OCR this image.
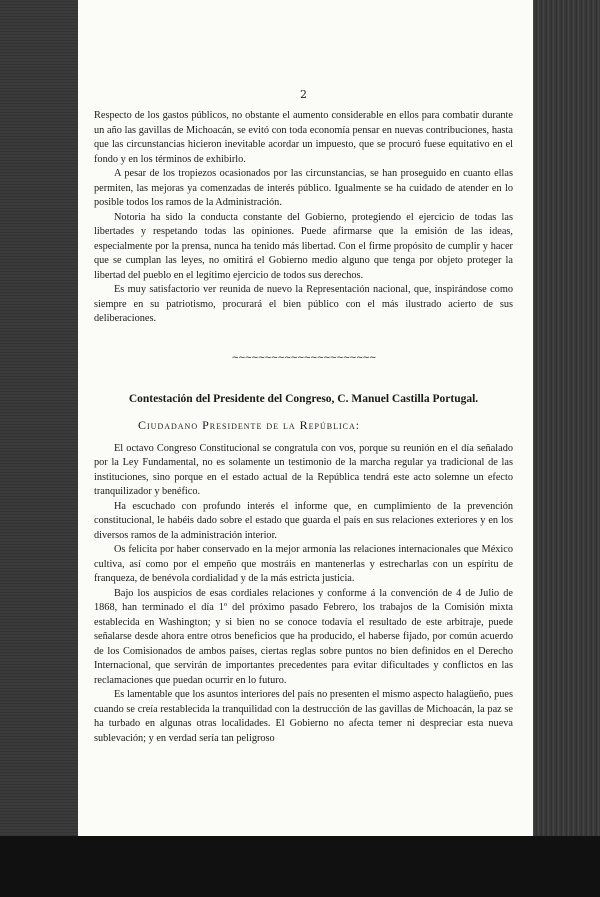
2

Respecto de los gastos públicos, no obstante el aumento considerable en ellos para combatir durante un año las gavillas de Michoacán, se evitó con toda economía pensar en nuevas contribuciones, hasta que las circunstancias hicieron inevitable acordar un impuesto, que se procuró fuese equitativo en el fondo y en los términos de exhibirlo.

A pesar de los tropiezos ocasionados por las circunstancias, se han proseguido en cuanto ellas permiten, las mejoras ya comenzadas de interés público. Igualmente se ha cuidado de atender en lo posible todos los ramos de la Administración.

Notoria ha sido la conducta constante del Gobierno, protegiendo el ejercicio de todas las libertades y respetando todas las opiniones. Puede afirmarse que la emisión de las ideas, especialmente por la prensa, nunca ha tenido más libertad. Con el firme propósito de cumplir y hacer que se cumplan las leyes, no omitirá el Gobierno medio alguno que tenga por objeto proteger la libertad del pueblo en el legítimo ejercicio de todos sus derechos.

Es muy satisfactorio ver reunida de nuevo la Representación nacional, que, inspirándose como siempre en su patriotismo, procurará el bien público con el más ilustrado acierto de sus deliberaciones.

~~~~~~~~~~~~~~~~~~~~~~
Contestación del Presidente del Congreso, C. Manuel Castilla Portugal.
Ciudadano Presidente de la República:

El octavo Congreso Constitucional se congratula con vos, porque su reunión en el día señalado por la Ley Fundamental, no es solamente un testimonio de la marcha regular ya tradicional de las instituciones, sino porque en el estado actual de la República tendrá este acto solemne un efecto tranquilizador y benéfico.

Ha escuchado con profundo interés el informe que, en cumplimiento de la prevención constitucional, le habéis dado sobre el estado que guarda el país en sus relaciones exteriores y en los diversos ramos de la administración interior.

Os felicita por haber conservado en la mejor armonía las relaciones internacionales que México cultiva, así como por el empeño que mostráis en mantenerlas y estrecharlas con un espíritu de franqueza, de benévola cordialidad y de la más estricta justicia.

Bajo los auspicios de esas cordiales relaciones y conforme á la convención de 4 de Julio de 1868, han terminado el día 1º del próximo pasado Febrero, los trabajos de la Comisión mixta establecida en Washington; y si bien no se conoce todavía el resultado de este arbitraje, puede señalarse desde ahora entre otros beneficios que ha producido, el haberse fijado, por común acuerdo de los Comisionados de ambos países, ciertas reglas sobre puntos no bien definidos en el Derecho Internacional, que servirán de importantes precedentes para evitar dificultades y conflictos en las reclamaciones que puedan ocurrir en lo futuro.

Es lamentable que los asuntos interiores del país no presenten el mismo aspecto halagüeño, pues cuando se creía restablecida la tranquilidad con la destrucción de las gavillas de Michoacán, la paz se ha turbado en algunas otras localidades. El Gobierno no afecta temer ni despreciar esta nueva sublevación; y en verdad sería tan peligroso
